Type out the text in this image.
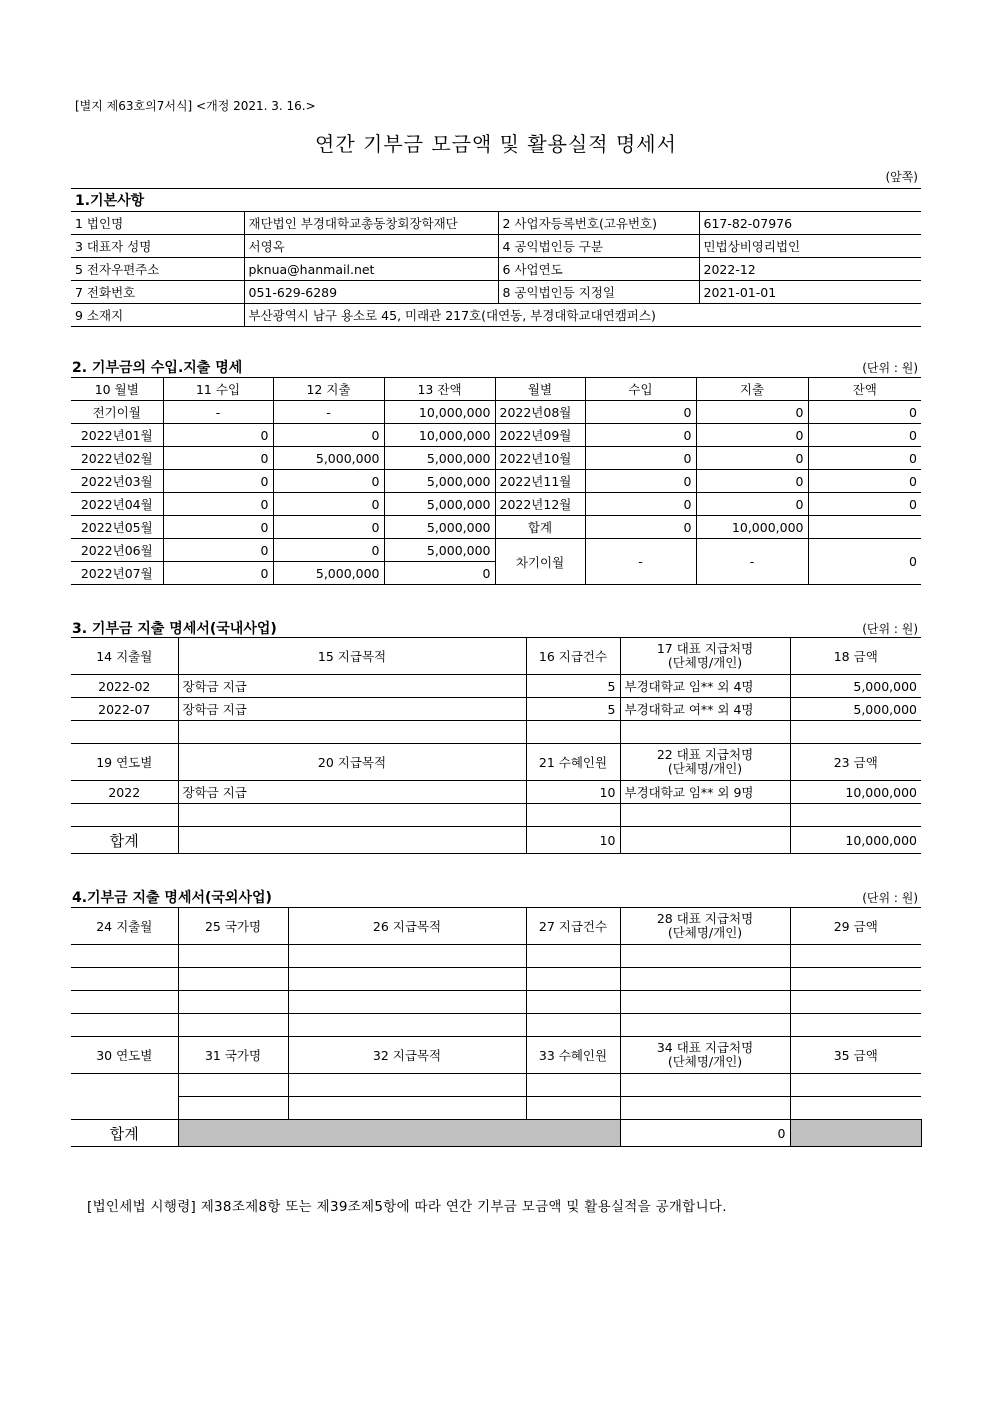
[별지 제63호의7서식] <개정 2021. 3. 16.>
연간 기부금 모금액 및 활용실적 명세서
(앞쪽)
1.기본사항			
1 법인명	재단법인 부경대학교총동창회장학재단	2 사업자등록번호(고유번호)	617-82-07976
3 대표자 성명	서영옥	4 공익법인등 구분	민법상비영리법인
5 전자우편주소	pknua@hanmail.net	6 사업연도	2022-12
7 전화번호	051-629-6289	8 공익법인등 지정일	2021-01-01
9 소재지	부산광역시 남구 용소로 45, 미래관 217호(대연동, 부경대학교대연캠퍼스)		
2. 기부금의 수입.지출 명세	(단위 : 원)
10 월별	11 수입	12 지출	13 잔액	월별	수입	지출	잔액
전기이월	-	-	10,000,000	2022년08월	0	0	0
2022년01월	0	0	10,000,000	2022년09월	0	0	0
2022년02월	0	5,000,000	5,000,000	2022년10월	0	0	0
2022년03월	0	0	5,000,000	2022년11월	0	0	0
2022년04월	0	0	5,000,000	2022년12월	0	0	0
2022년05월	0	0	5,000,000	합계	0	10,000,000	
2022년06월	0	0	5,000,000	차기이월	-	-	0
2022년07월	0	5,000,000	0				
3. 기부금 지출 명세서(국내사업)	(단위 : 원)
14 지출월	15 지급목적	16 지급건수	17 대표 지급처명
(단체명/개인)	18 금액
2022-02	장학금 지급	5	부경대학교 임** 외 4명	5,000,000
2022-07	장학금 지급	5	부경대학교 여** 외 4명	5,000,000

19 연도별	20 지급목적	21 수혜인원	22 대표 지급처명
(단체명/개인)	23 금액
2022	장학금 지급	10	부경대학교 임** 외 9명	10,000,000

합계		10		10,000,000
4.기부금 지출 명세서(국외사업)	(단위 : 원)
24 지출월	25 국가명	26 지급목적	27 지급건수	28 대표 지급처명
(단체명/개인)	29 금액	

30 연도별	31 국가명	32 지급목적	33 수혜인원	34 대표 지급처명
(단체명/개인)	35 금액	

합계				0		
[법인세법 시행령] 제38조제8항 또는 제39조제5항에 따라 연간 기부금 모금액 및 활용실적을 공개합니다.
